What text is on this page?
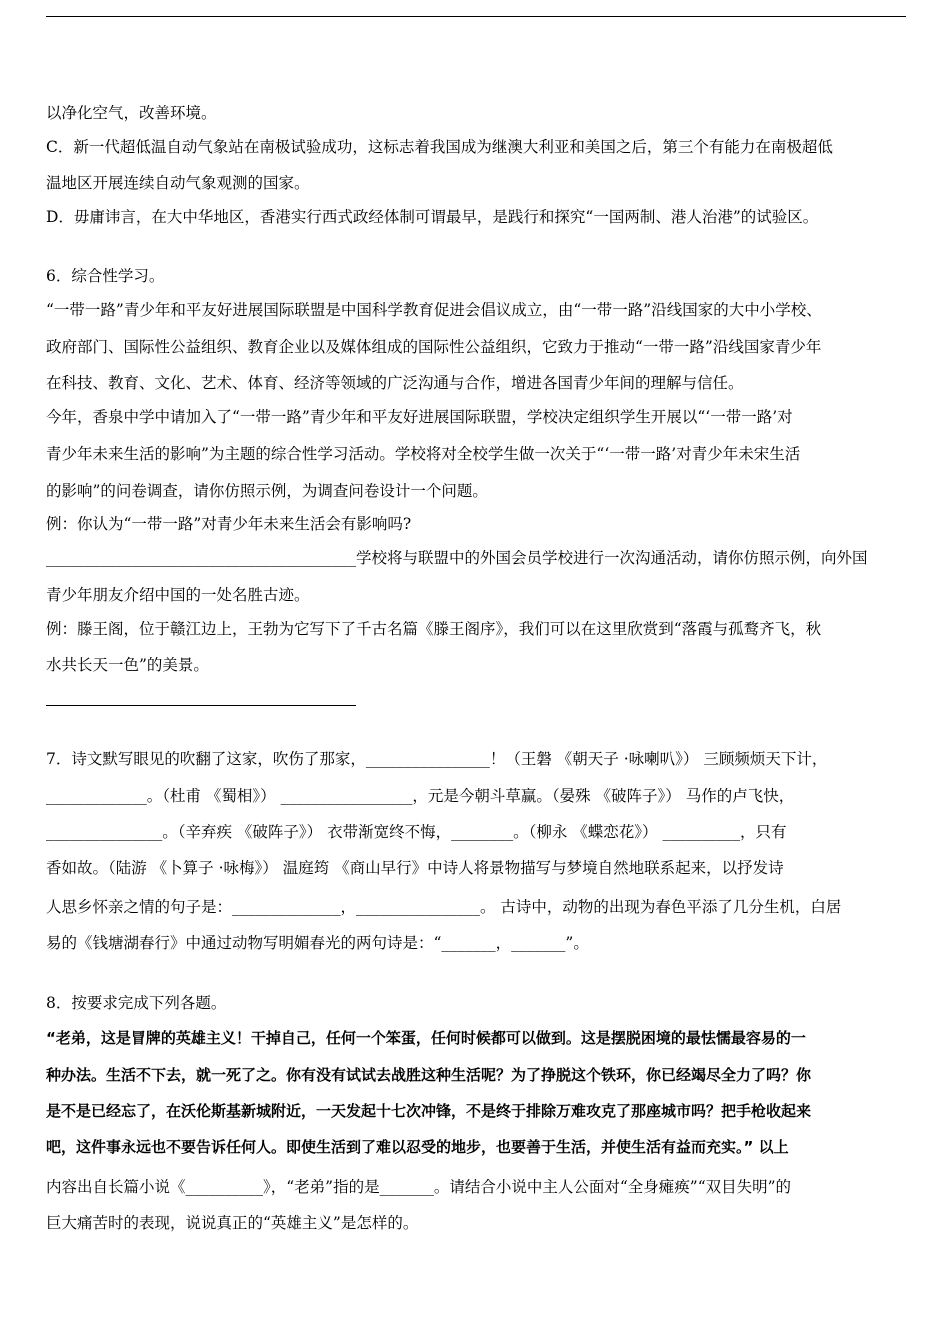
以净化空气，改善环境。
C．新一代超低温自动气象站在南极试验成功，这标志着我国成为继澳大利亚和美国之后，第三个有能力在南极超低
温地区开展连续自动气象观测的国家。
D．毋庸讳言，在大中华地区，香港实行西式政经体制可谓最早，是践行和探究“一国两制、港人治港”的试验区。
6．综合性学习。
“一带一路”青少年和平友好进展国际联盟是中国科学教育促进会倡议成立，由“一带一路”沿线国家的大中小学校、
政府部门、国际性公益组织、教育企业以及媒体组成的国际性公益组织，它致力于推动“一带一路”沿线国家青少年
在科技、教育、文化、艺术、体育、经济等领域的广泛沟通与合作，增进各国青少年间的理解与信任。
今年，香泉中学中请加入了“一带一路”青少年和平友好进展国际联盟，学校决定组织学生开展以“‘一带一路’对
青少年未来生活的影响”为主题的综合性学习活动。学校将对全校学生做一次关于“‘一带一路’对青少年未宋生活
的影响”的问卷调查，请你仿照示例，为调查问卷设计一个问题。
例：你认为“一带一路”对青少年未来生活会有影响吗?
________________________________________学校将与联盟中的外国会员学校进行一次沟通活动，请你仿照示例，向外国
青少年朋友介绍中国的一处名胜古迹。
例：滕王阁，位于赣江边上，王勃为它写下了千古名篇《滕王阁序》，我们可以在这里欣赏到“落霞与孤鹜齐飞，秋
水共长天一色”的美景。
7．诗文默写眼见的吹翻了这家，吹伤了那家，________________！（王磐 《朝天子 ·咏喇叭》） 三顾频烦天下计，
_____________。（杜甫 《蜀相》） _________________，元是今朝斗草赢。（晏殊 《破阵子》） 马作的卢飞快，
_______________。（辛弃疾 《破阵子》） 衣带渐宽终不悔，________。（柳永 《蝶恋花》） __________，只有
香如故。（陆游 《卜算子 ·咏梅》） 温庭筠 《商山早行》中诗人将景物描写与梦境自然地联系起来，以抒发诗
人思乡怀亲之情的句子是：______________，________________。 古诗中，动物的出现为春色平添了几分生机，白居
易的《钱塘湖春行》中通过动物写明媚春光的两句诗是：“_______，_______”。
8．按要求完成下列各题。
“老弟，这是冒牌的英雄主义！干掉自己，任何一个笨蛋，任何时候都可以做到。这是摆脱困境的最怯懦最容易的一
种办法。生活不下去，就一死了之。你有没有试试去战胜这种生活呢？为了挣脱这个铁环，你已经竭尽全力了吗？你
是不是已经忘了，在沃伦斯基新城附近，一天发起十七次冲锋，不是终于排除万难攻克了那座城市吗？把手枪收起来
吧，这件事永远也不要告诉任何人。即使生活到了难以忍受的地步，也要善于生活，并使生活有益而充实。” 以上
内容出自长篇小说《__________》，“老弟”指的是_______。请结合小说中主人公面对“全身瘫痪”“双目失明”的
巨大痛苦时的表现，说说真正的“英雄主义”是怎样的。
